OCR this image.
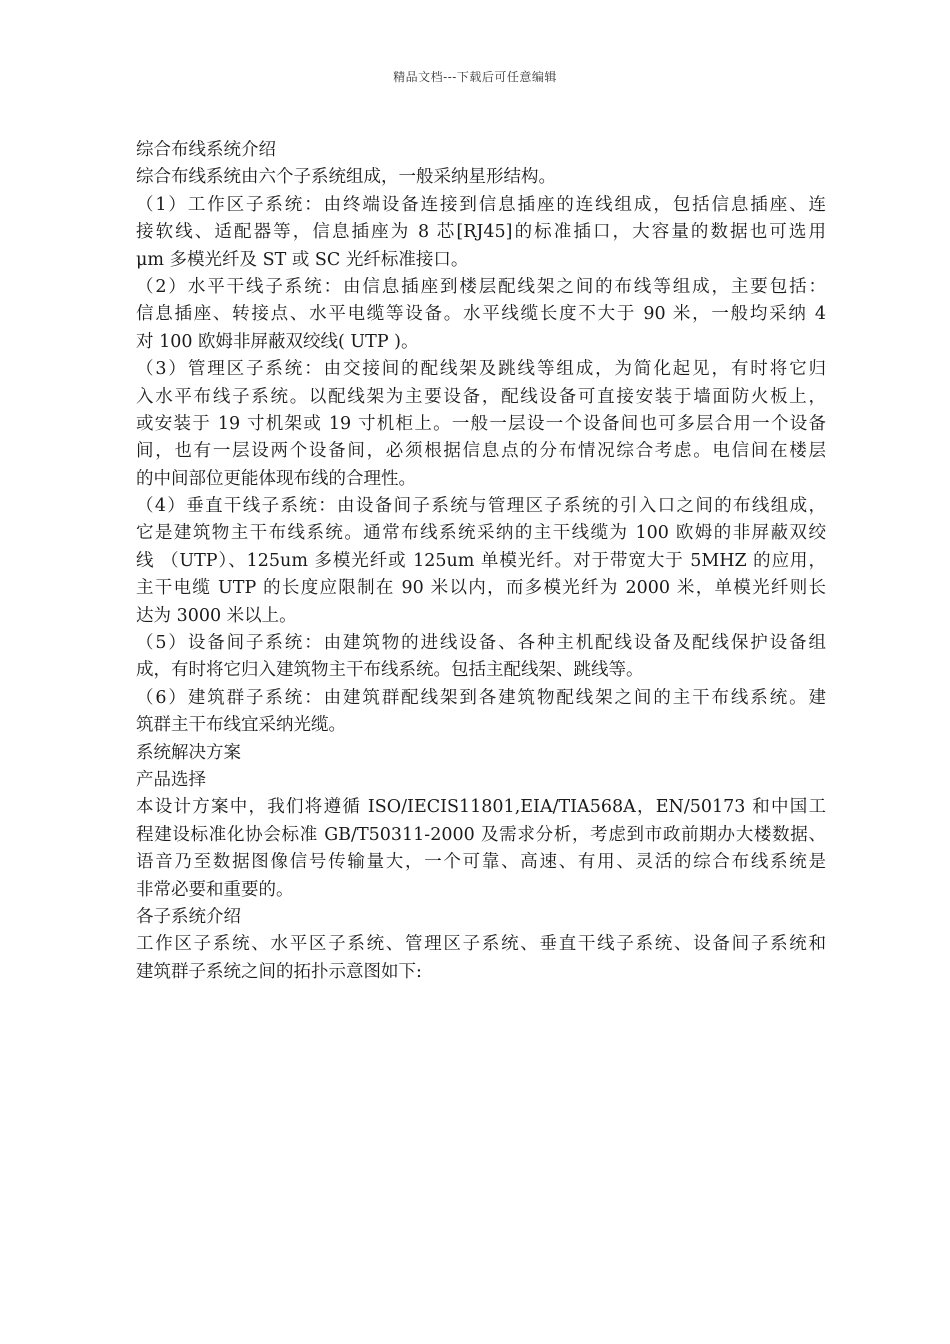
精品文档---下载后可任意编辑
综合布线系统介绍
综合布线系统由六个子系统组成，一般采纳星形结构。
（1）工作区子系统：由终端设备连接到信息插座的连线组成，包括信息插座、连
接软线、适配器等，信息插座为 8 芯[RJ45]的标准插口，大容量的数据也可选用
μm 多模光纤及 ST 或 SC 光纤标准接口。
（2）水平干线子系统：由信息插座到楼层配线架之间的布线等组成，主要包括：
信息插座、转接点、水平电缆等设备。水平线缆长度不大于 90 米，一般均采纳 4
对 100 欧姆非屏蔽双绞线( UTP )。
（3）管理区子系统：由交接间的配线架及跳线等组成，为简化起见，有时将它归
入水平布线子系统。以配线架为主要设备，配线设备可直接安装于墙面防火板上，
或安装于 19 寸机架或 19 寸机柜上。一般一层设一个设备间也可多层合用一个设备
间，也有一层设两个设备间，必须根据信息点的分布情况综合考虑。电信间在楼层
的中间部位更能体现布线的合理性。
（4）垂直干线子系统：由设备间子系统与管理区子系统的引入口之间的布线组成，
它是建筑物主干布线系统。通常布线系统采纳的主干线缆为 100 欧姆的非屏蔽双绞
线 （UTP）、125um 多模光纤或 125um 单模光纤。对于带宽大于 5MHZ 的应用，
主干电缆 UTP 的长度应限制在 90 米以内，而多模光纤为 2000 米，单模光纤则长
达为 3000 米以上。
（5）设备间子系统：由建筑物的进线设备、各种主机配线设备及配线保护设备组
成，有时将它归入建筑物主干布线系统。包括主配线架、跳线等。
（6）建筑群子系统：由建筑群配线架到各建筑物配线架之间的主干布线系统。建
筑群主干布线宜采纳光缆。
系统解决方案
产品选择
本设计方案中，我们将遵循 ISO/IECIS11801,EIA/TIA568A，EN/50173 和中国工
程建设标准化协会标准 GB/T50311-2000 及需求分析，考虑到市政前期办大楼数据、
语音乃至数据图像信号传输量大，一个可靠、高速、有用、灵活的综合布线系统是
非常必要和重要的。
各子系统介绍
工作区子系统、水平区子系统、管理区子系统、垂直干线子系统、设备间子系统和
建筑群子系统之间的拓扑示意图如下:
